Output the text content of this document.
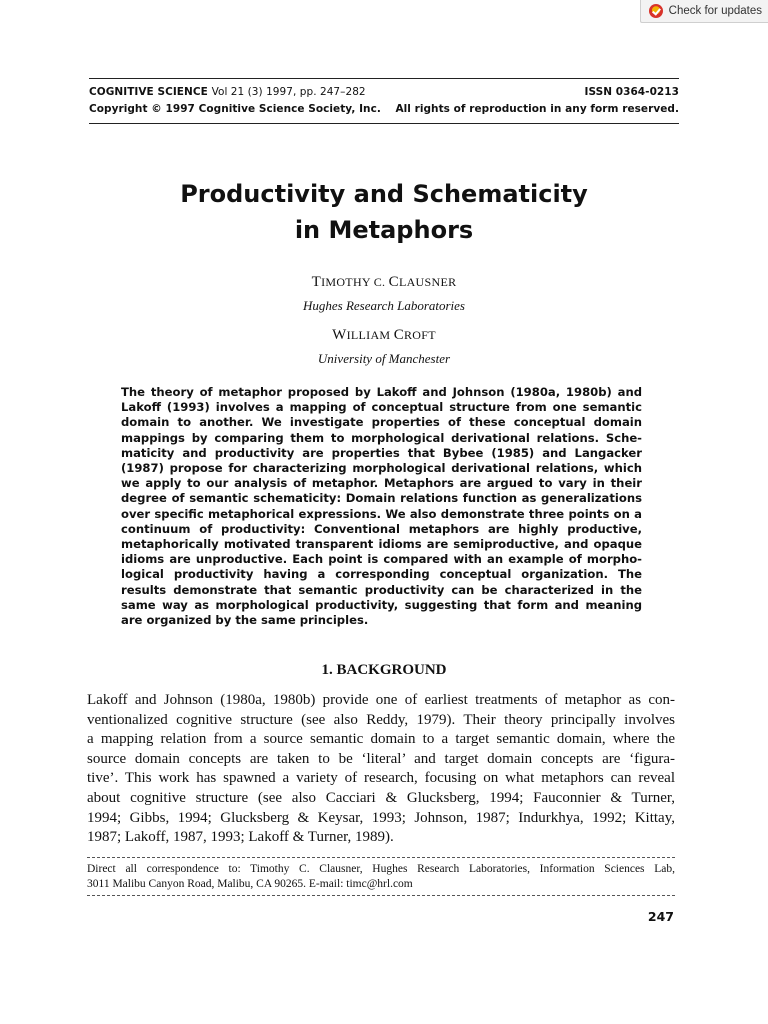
Check for updates
COGNITIVE SCIENCE Vol 21 (3) 1997, pp. 247–282	ISSN 0364-0213
Copyright © 1997 Cognitive Science Society, Inc. All rights of reproduction in any form reserved.
Productivity and Schematicity
in Metaphors
TIMOTHY C. CLAUSNER
Hughes Research Laboratories
WILLIAM CROFT
University of Manchester
The theory of metaphor proposed by Lakoff and Johnson (1980a, 1980b) and
Lakoff (1993) involves a mapping of conceptual structure from one semantic
domain to another. We investigate properties of these conceptual domain
mappings by comparing them to morphological derivational relations. Sche-
maticity and productivity are properties that Bybee (1985) and Langacker
(1987) propose for characterizing morphological derivational relations, which
we apply to our analysis of metaphor. Metaphors are argued to vary in their
degree of semantic schematicity: Domain relations function as generalizations
over specific metaphorical expressions. We also demonstrate three points on a
continuum of productivity: Conventional metaphors are highly productive,
metaphorically motivated transparent idioms are semiproductive, and opaque
idioms are unproductive. Each point is compared with an example of morpho-
logical productivity having a corresponding conceptual organization. The
results demonstrate that semantic productivity can be characterized in the
same way as morphological productivity, suggesting that form and meaning
are organized by the same principles.
1. BACKGROUND
Lakoff and Johnson (1980a, 1980b) provide one of earliest treatments of metaphor as con-
ventionalized cognitive structure (see also Reddy, 1979). Their theory principally involves
a mapping relation from a source semantic domain to a target semantic domain, where the
source domain concepts are taken to be ‘literal’ and target domain concepts are ‘figura-
tive’. This work has spawned a variety of research, focusing on what metaphors can reveal
about cognitive structure (see also Cacciari & Glucksberg, 1994; Fauconnier & Turner,
1994; Gibbs, 1994; Glucksberg & Keysar, 1993; Johnson, 1987; Indurkhya, 1992; Kittay,
1987; Lakoff, 1987, 1993; Lakoff & Turner, 1989).
Direct all correspondence to: Timothy C. Clausner, Hughes Research Laboratories, Information Sciences Lab,
3011 Malibu Canyon Road, Malibu, CA 90265. E-mail: timc@hrl.com
247
